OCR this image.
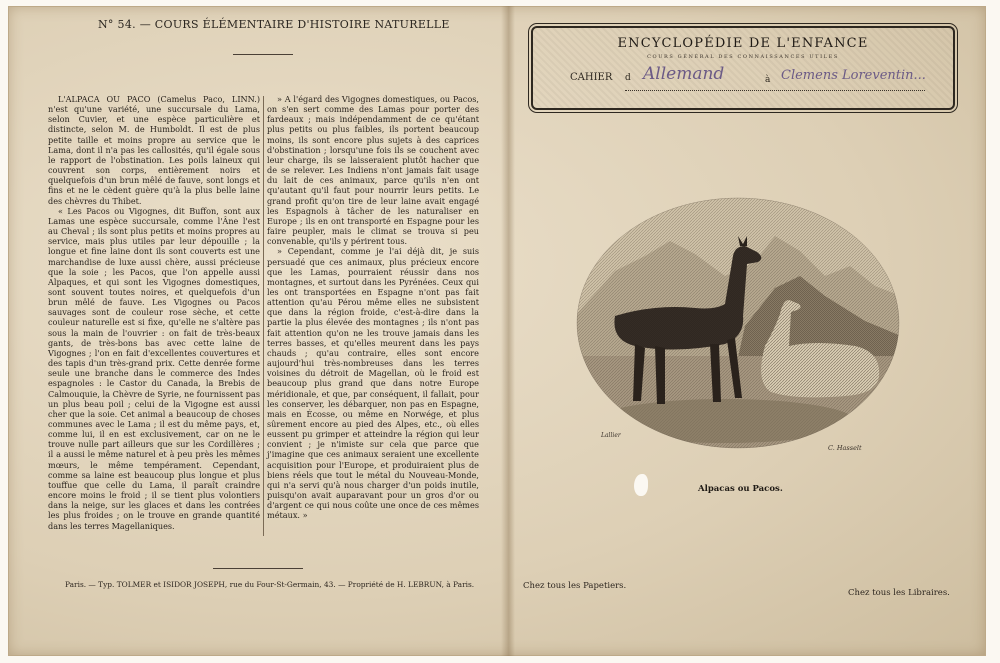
N° 54. — COURS ÉLÉMENTAIRE D'HISTOIRE NATURELLE

L'ALPACA OU PACO (Camelus Paco, LINN.) n'est qu'une variété, une succursale du Lama, selon Cuvier, et une espèce particulière et distincte, selon M. de Humboldt. Il est de plus petite taille et moins propre au service que le Lama, dont il n'a pas les callosités, qu'il égale sous le rapport de l'obstination. Les poils laineux qui couvrent son corps, entièrement noirs et quelquefois d'un brun mêlé de fauve, sont longs et fins et ne le cèdent guère qu'à la plus belle laine des chèvres du Thibet.

« Les Pacos ou Vigognes, dit Buffon, sont aux Lamas une espèce succursale, comme l'Âne l'est au Cheval ; ils sont plus petits et moins propres au service, mais plus utiles par leur dépouille ; la longue et fine laine dont ils sont couverts est une marchandise de luxe aussi chère, aussi précieuse que la soie ; les Pacos, que l'on appelle aussi Alpaques, et qui sont les Vigognes domestiques, sont souvent toutes noires, et quelquefois d'un brun mêlé de fauve. Les Vigognes ou Pacos sauvages sont de couleur rose sèche, et cette couleur naturelle est si fixe, qu'elle ne s'altère pas sous la main de l'ouvrier : on fait de très-beaux gants, de très-bons bas avec cette laine de Vigognes ; l'on en fait d'excellentes couvertures et des tapis d'un très-grand prix. Cette denrée forme seule une branche dans le commerce des Indes espagnoles : le Castor du Canada, la Brebis de Calmouquie, la Chèvre de Syrie, ne fournissent pas un plus beau poil ; celui de la Vigogne est aussi cher que la soie. Cet animal a beaucoup de choses communes avec le Lama ; il est du même pays, et, comme lui, il en est exclusivement, car on ne le trouve nulle part ailleurs que sur les Cordillères ; il a aussi le même naturel et à peu près les mêmes mœurs, le même tempérament. Cependant, comme sa laine est beaucoup plus longue et plus touffue que celle du Lama, il paraît craindre encore moins le froid ; il se tient plus volontiers dans la neige, sur les glaces et dans les contrées les plus froides ; on le trouve en grande quantité dans les terres Magellaniques.

» A l'égard des Vigognes domestiques, ou Pacos, on s'en sert comme des Lamas pour porter des fardeaux ; mais indépendamment de ce qu'étant plus petits ou plus faibles, ils portent beaucoup moins, ils sont encore plus sujets à des caprices d'obstination ; lorsqu'une fois ils se couchent avec leur charge, ils se laisseraient plutôt hacher que de se relever. Les Indiens n'ont jamais fait usage du lait de ces animaux, parce qu'ils n'en ont qu'autant qu'il faut pour nourrir leurs petits. Le grand profit qu'on tire de leur laine avait engagé les Espagnols à tâcher de les naturaliser en Europe ; ils en ont transporté en Espagne pour les faire peupler, mais le climat se trouva si peu convenable, qu'ils y périrent tous.

» Cependant, comme je l'ai déjà dit, je suis persuadé que ces animaux, plus précieux encore que les Lamas, pourraient réussir dans nos montagnes, et surtout dans les Pyrénées. Ceux qui les ont transportées en Espagne n'ont pas fait attention qu'au Pérou même elles ne subsistent que dans la région froide, c'est-à-dire dans la partie la plus élevée des montagnes ; ils n'ont pas fait attention qu'on ne les trouve jamais dans les terres basses, et qu'elles meurent dans les pays chauds ; qu'au contraire, elles sont encore aujourd'hui très-nombreuses dans les terres voisines du détroit de Magellan, où le froid est beaucoup plus grand que dans notre Europe méridionale, et que, par conséquent, il fallait, pour les conserver, les débarquer, non pas en Espagne, mais en Écosse, ou même en Norwége, et plus sûrement encore au pied des Alpes, etc., où elles eussent pu grimper et atteindre la région qui leur convient ; je n'imiste sur cela que parce que j'imagine que ces animaux seraient une excellente acquisition pour l'Europe, et produiraient plus de biens réels que tout le métal du Nouveau-Monde, qui n'a servi qu'à nous charger d'un poids inutile, puisqu'on avait auparavant pour un gros d'or ou d'argent ce qui nous coûte une once de ces mêmes métaux. »

Paris. — Typ. TOLMER et ISIDOR JOSEPH, rue du Four-St-Germain, 43. — Propriété de H. LEBRUN, à Paris.
ENCYCLOPÉDIE DE L'ENFANCE
COURS GÉNÉRAL DES CONNAISSANCES UTILES
CAHIER d	à
Allemand	Clemens Loreventin...
Lallier
C. Hasselt
Alpacas ou Pacos.
Chez tous les Papetiers.
Chez tous les Libraires.
